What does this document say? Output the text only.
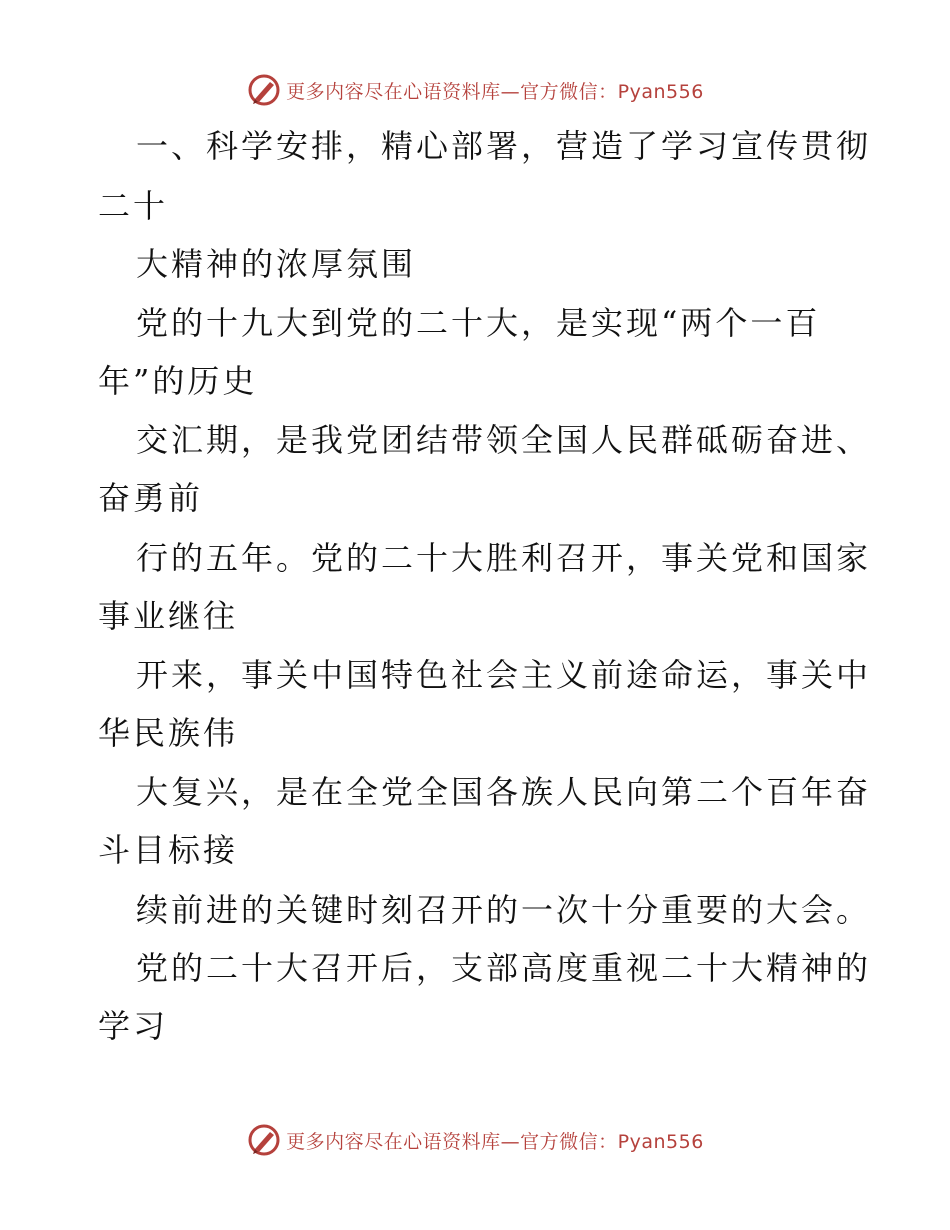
更多内容尽在心语资料库—官方微信：Pyan556
一、科学安排，精心部署，营造了学习宣传贯彻
二十
大精神的浓厚氛围
党的十九大到党的二十大，是实现“两个一百
年”的历史
交汇期，是我党团结带领全国人民群砥砺奋进、
奋勇前
行的五年。党的二十大胜利召开，事关党和国家
事业继往
开来，事关中国特色社会主义前途命运，事关中
华民族伟
大复兴，是在全党全国各族人民向第二个百年奋
斗目标接
续前进的关键时刻召开的一次十分重要的大会。
党的二十大召开后，支部高度重视二十大精神的
学习
更多内容尽在心语资料库—官方微信：Pyan556
